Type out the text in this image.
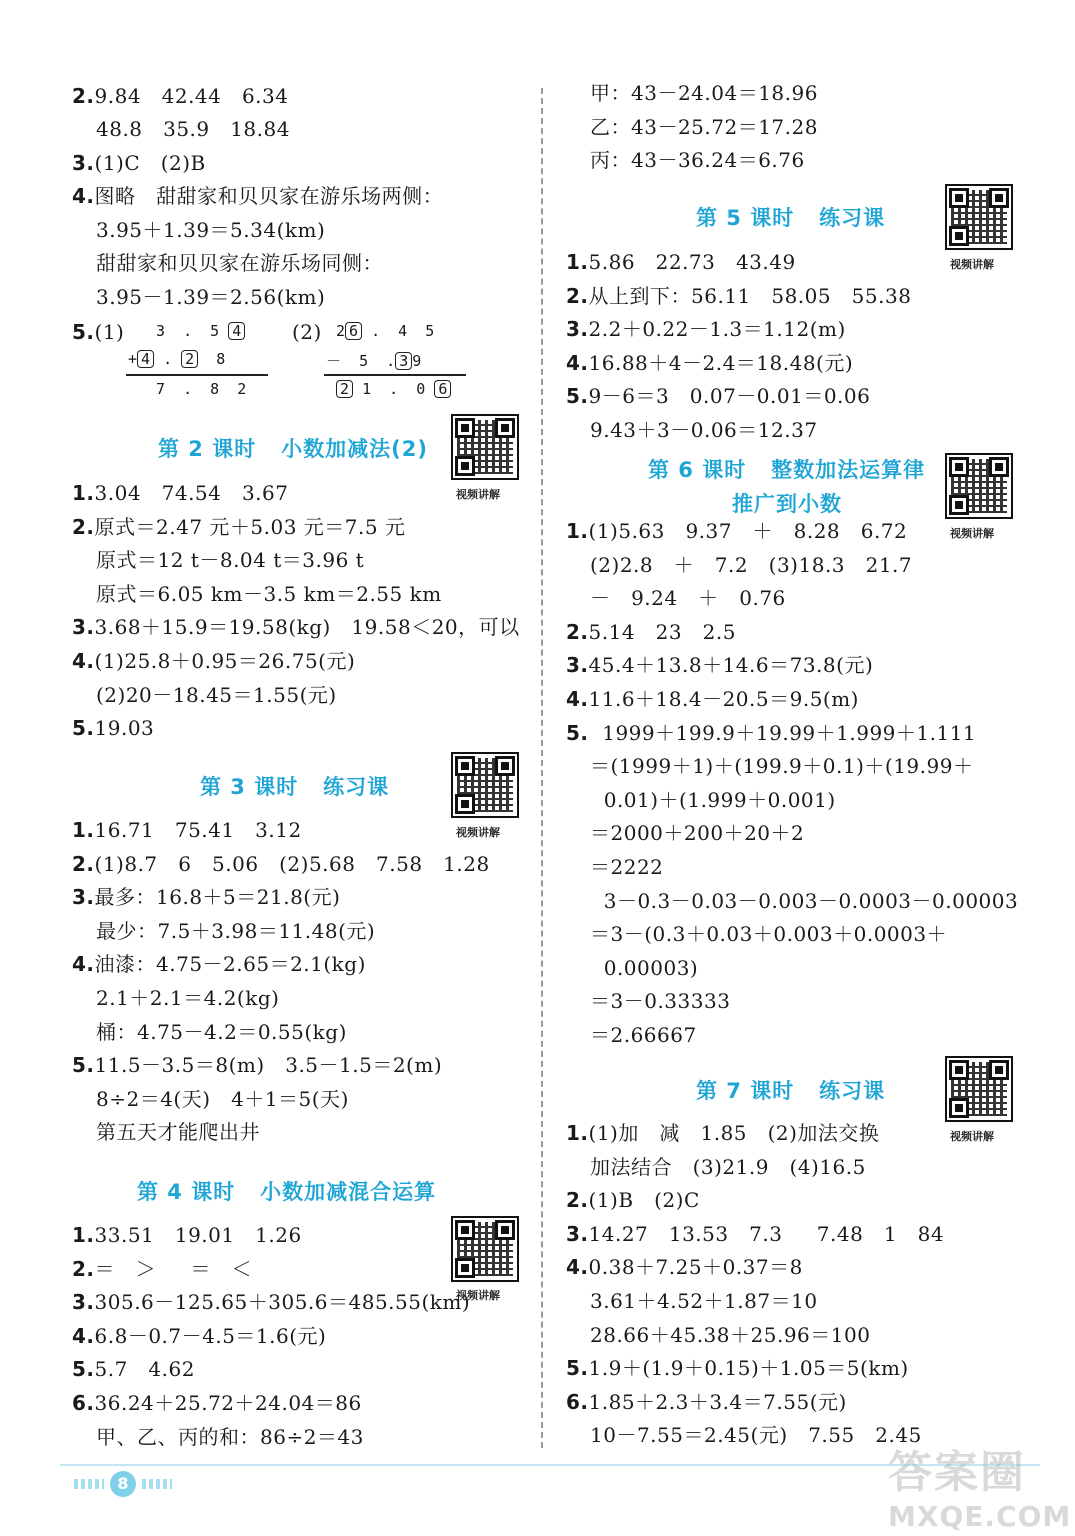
2.9.84   42.44   6.34
48.8   35.9   18.84
3.(1)C   (2)B
4.图略   甜甜家和贝贝家在游乐场两侧：
3.95＋1.39＝5.34(km)
甜甜家和贝贝家在游乐场同侧：
3.95－1.39＝2.56(km)
5.(1) 3  .  5 4
+ 4 . 2 8
7  .  8  2
(2) 2 6 .  4  5
－ 5  . 3 9
2 1  .  0 6
第 2 课时   小数加减法(2)
视频讲解
1.3.04   74.54   3.67
2.原式＝2.47 元＋5.03 元＝7.5 元
原式＝12 t－8.04 t＝3.96 t
原式＝6.05 km－3.5 km＝2.55 km
3.3.68＋15.9＝19.58(kg)   19.58＜20，可以
4.(1)25.8＋0.95＝26.75(元)
(2)20－18.45＝1.55(元)
5.19.03
第 3 课时   练习课
视频讲解
1.16.71   75.41   3.12
2.(1)8.7   6   5.06   (2)5.68   7.58   1.28
3.最多：16.8＋5＝21.8(元)
最少：7.5＋3.98＝11.48(元)
4.油漆：4.75－2.65＝2.1(kg)
2.1＋2.1＝4.2(kg)
桶：4.75－4.2＝0.55(kg)
5.11.5－3.5＝8(m)   3.5－1.5＝2(m)
8÷2＝4(天)   4＋1＝5(天)
第五天才能爬出井
第 4 课时   小数加减混合运算
视频讲解
1.33.51   19.01   1.26
2.＝   ＞     ＝   ＜
3.305.6－125.65＋305.6＝485.55(km)
4.6.8－0.7－4.5＝1.6(元)
5.5.7   4.62
6.36.24＋25.72＋24.04＝86
甲、乙、丙的和：86÷2＝43
甲：43－24.04＝18.96
乙：43－25.72＝17.28
丙：43－36.24＝6.76
第 5 课时   练习课
视频讲解
1.5.86   22.73   43.49
2.从上到下：56.11   58.05   55.38
3.2.2＋0.22－1.3＝1.12(m)
4.16.88＋4－2.4＝18.48(元)
5.9－6＝3   0.07－0.01＝0.06
9.43＋3－0.06＝12.37
第 6 课时   整数加法运算律
推广到小数
视频讲解
1.(1)5.63   9.37   ＋   8.28   6.72
(2)2.8   ＋   7.2   (3)18.3   21.7
－   9.24   ＋   0.76
2.5.14   23   2.5
3.45.4＋13.8＋14.6＝73.8(元)
4.11.6＋18.4－20.5＝9.5(m)
5.  1999＋199.9＋19.99＋1.999＋1.111
＝(1999＋1)＋(199.9＋0.1)＋(19.99＋
0.01)＋(1.999＋0.001)
＝2000＋200＋20＋2
＝2222
3－0.3－0.03－0.003－0.0003－0.00003
＝3－(0.3＋0.03＋0.003＋0.0003＋
0.00003)
＝3－0.33333
＝2.66667
第 7 课时   练习课
视频讲解
1.(1)加   减   1.85   (2)加法交换
加法结合   (3)21.9   (4)16.5
2.(1)B   (2)C
3.14.27   13.53   7.3     7.48   1   84
4.0.38＋7.25＋0.37＝8
3.61＋4.52＋1.87＝10
28.66＋45.38＋25.96＝100
5.1.9＋(1.9＋0.15)＋1.05＝5(km)
6.1.85＋2.3＋3.4＝7.55(元)
10－7.55＝2.45(元)   7.55   2.45
8	答案圈
MXQE.COM
